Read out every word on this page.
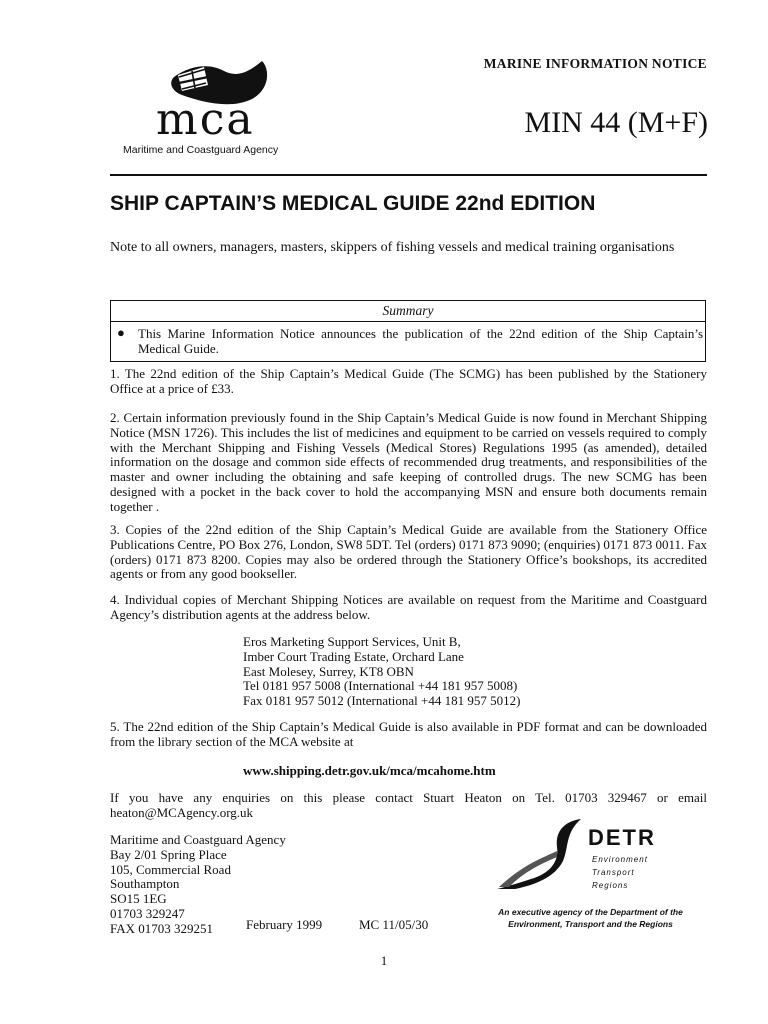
MARINE INFORMATION NOTICE
MIN 44 (M+F)
mca
Maritime and Coastguard Agency
SHIP CAPTAIN’S MEDICAL GUIDE 22nd EDITION
Note to all owners, managers, masters, skippers of fishing vessels and medical training organisations
Summary
● This Marine Information Notice announces the publication of the 22nd edition of the Ship Captain’s Medical Guide.
1. The 22nd edition of the Ship Captain’s Medical Guide (The SCMG) has been published by the Stationery Office at a price of £33.
2. Certain information previously found in the Ship Captain’s Medical Guide is now found in Merchant Shipping Notice (MSN 1726). This includes the list of medicines and equipment to be carried on vessels required to comply with the Merchant Shipping and Fishing Vessels (Medical Stores) Regulations 1995 (as amended), detailed information on the dosage and common side effects of recommended drug treatments, and responsibilities of the master and owner including the obtaining and safe keeping of controlled drugs. The new SCMG has been designed with a pocket in the back cover to hold the accompanying MSN and ensure both documents remain together .
3. Copies of the 22nd edition of the Ship Captain’s Medical Guide are available from the Stationery Office Publications Centre, PO Box 276, London, SW8 5DT. Tel (orders) 0171 873 9090; (enquiries) 0171 873 0011. Fax (orders) 0171 873 8200. Copies may also be ordered through the Stationery Office’s bookshops, its accredited agents or from any good bookseller.
4. Individual copies of Merchant Shipping Notices are available on request from the Maritime and Coastguard Agency’s distribution agents at the address below.
Eros Marketing Support Services, Unit B,
Imber Court Trading Estate, Orchard Lane
East Molesey, Surrey, KT8 OBN
Tel 0181 957 5008 (International +44 181 957 5008)
Fax 0181 957 5012 (International +44 181 957 5012)
5. The 22nd edition of the Ship Captain’s Medical Guide is also available in PDF format and can be downloaded from the library section of the MCA website at
www.shipping.detr.gov.uk/mca/mcahome.htm
If you have any enquiries on this please contact Stuart Heaton on Tel. 01703 329467 or email heaton@MCAgency.org.uk
Maritime and Coastguard Agency
Bay 2/01 Spring Place
105, Commercial Road
Southampton
SO15 1EG
01703 329247
FAX 01703 329251	February 1999	MC 11/05/30
DETR
Environment
Transport
Regions
An executive agency of the Department of the Environment, Transport and the Regions
1
